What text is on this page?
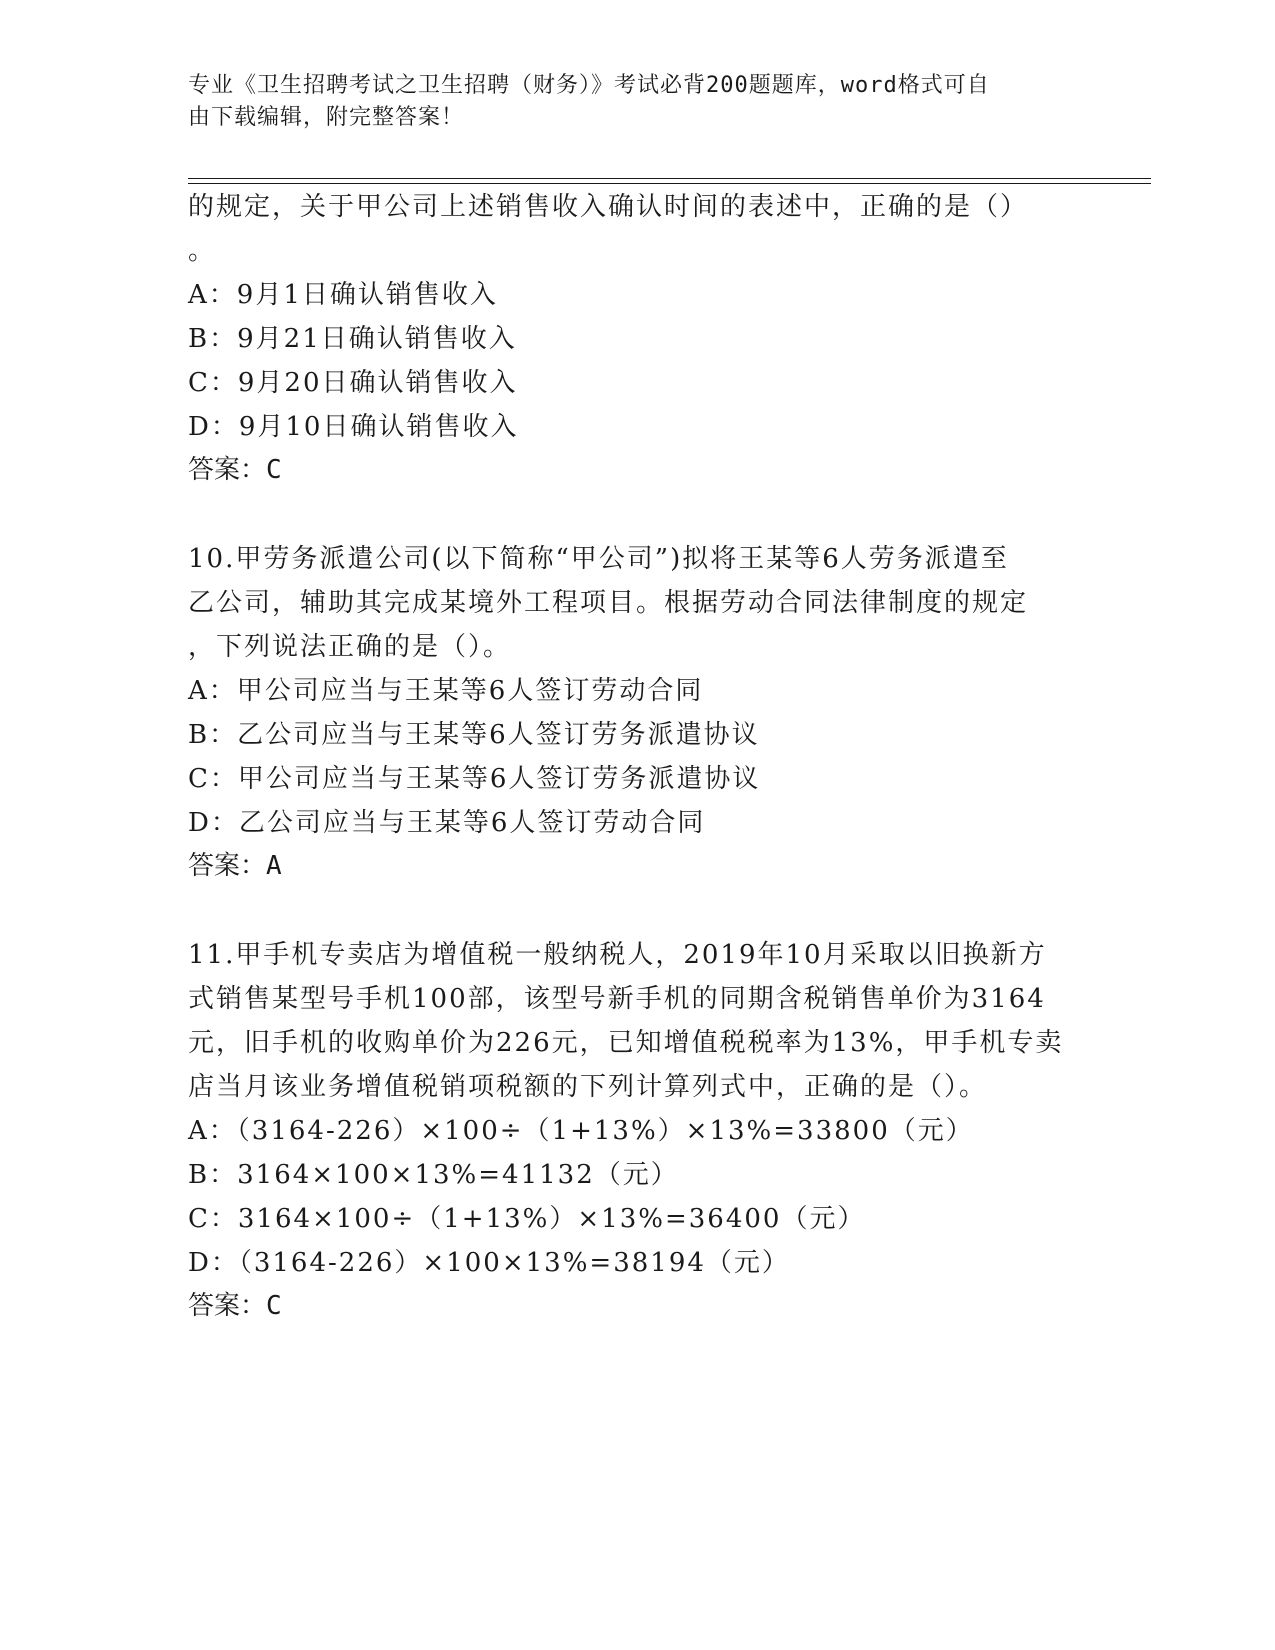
专业《卫生招聘考试之卫生招聘（财务）》考试必背200题题库，word格式可自
由下载编辑，附完整答案！
的规定，关于甲公司上述销售收入确认时间的表述中，正确的是（）
。
A：9月1日确认销售收入
B：9月21日确认销售收入
C：9月20日确认销售收入
D：9月10日确认销售收入
答案：C
10.甲劳务派遣公司(以下简称“甲公司”)拟将王某等6人劳务派遣至
乙公司，辅助其完成某境外工程项目。根据劳动合同法律制度的规定
，下列说法正确的是（）。
A：甲公司应当与王某等6人签订劳动合同
B：乙公司应当与王某等6人签订劳务派遣协议
C：甲公司应当与王某等6人签订劳务派遣协议
D：乙公司应当与王某等6人签订劳动合同
答案：A
11.甲手机专卖店为增值税一般纳税人，2019年10月采取以旧换新方
式销售某型号手机100部，该型号新手机的同期含税销售单价为3164
元，旧手机的收购单价为226元，已知增值税税率为13%，甲手机专卖
店当月该业务增值税销项税额的下列计算列式中，正确的是（）。
A：（3164-226）×100÷（1+13%）×13%=33800（元）
B：3164×100×13%=41132（元）
C：3164×100÷（1+13%）×13%=36400（元）
D：（3164-226）×100×13%=38194（元）
答案：C
